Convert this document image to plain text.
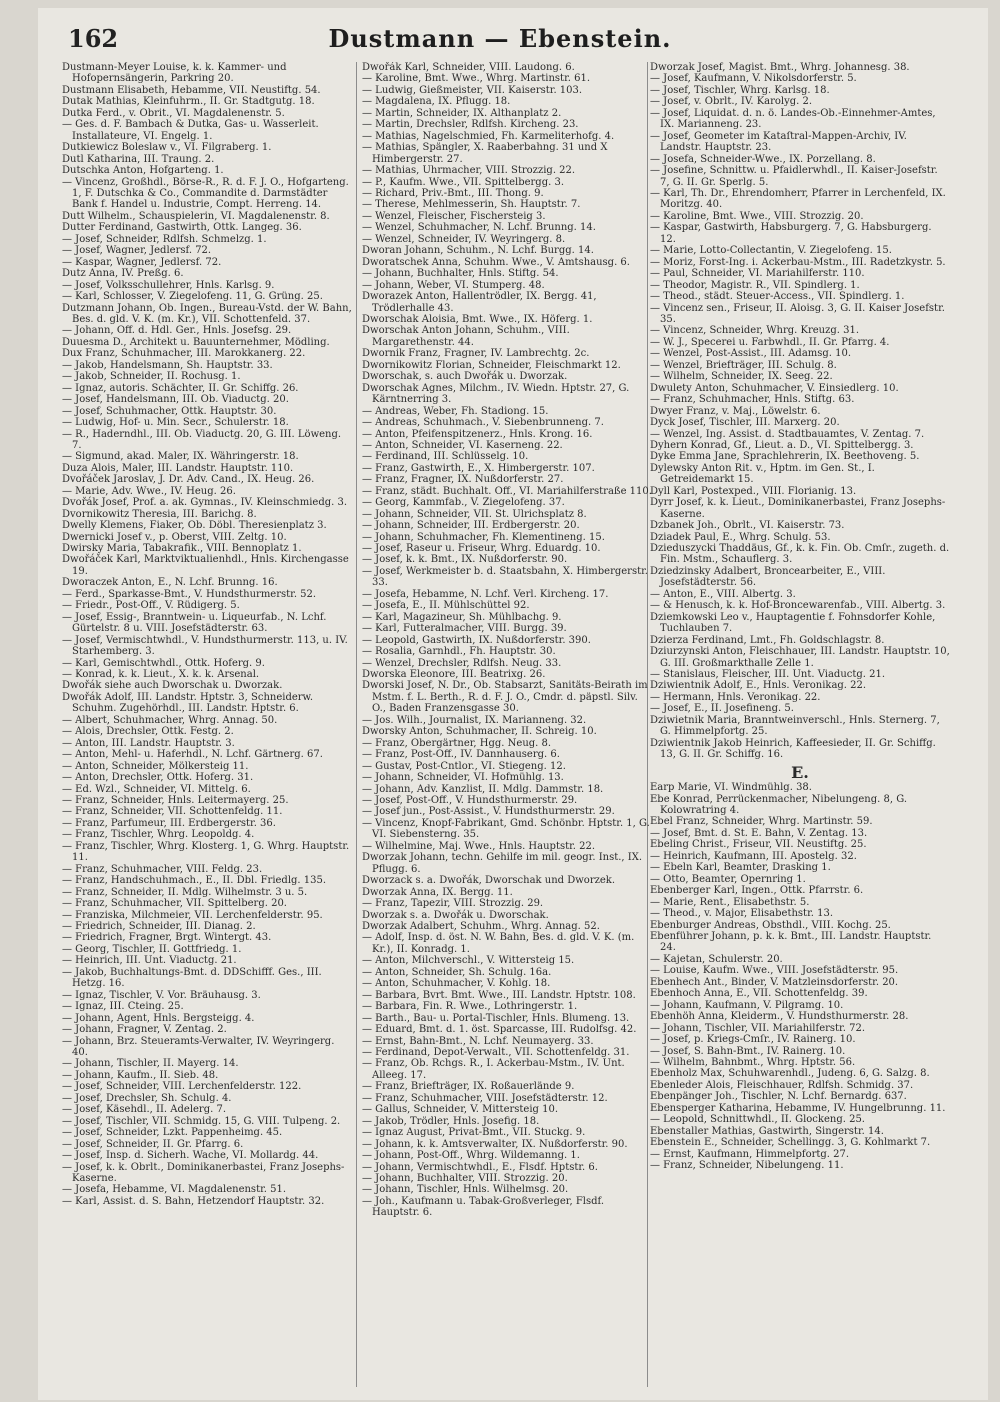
162	Dustmann — Ebenstein.
Dustmann-Meyer Louise, k. k. Kammer- und Hofopernsängerin, Parkring 20.
Dustmann Elisabeth, Hebamme, VII. Neustiftg. 54.
Dutak Mathias, Kleinfuhrm., II. Gr. Stadtgutg. 18.
Dutka Ferd., v. Obrit., VI. Magdalenenstr. 5.
— Ges. d. F. Bambach & Dutka, Gas- u. Wasserleit. Installateure, VI. Engelg. 1.
Dutkiewicz Boleslaw v., VI. Filgraberg. 1.
Dutl Katharina, III. Traung. 2.
Dutschka Anton, Hofgarteng. 1.
— Vincenz, Großhdl., Börse-R., R. d. F. J. O., Hofgarteng. 1, F. Dutschka & Co., Commandite d. Darmstädter Bank f. Handel u. Industrie, Compt. Herreng. 14.
Dutt Wilhelm., Schauspielerin, VI. Magdalenenstr. 8.
Dutter Ferdinand, Gastwirth, Ottk. Langeg. 36.
— Josef, Schneider, Rdlfsh. Schmelzg. 1.
— Josef, Wagner, Jedlersf. 72.
— Kaspar, Wagner, Jedlersf. 72.
Dutz Anna, IV. Preßg. 6.
— Josef, Volksschullehrer, Hnls. Karlsg. 9.
— Karl, Schlosser, V. Ziegelofeng. 11, G. Grüng. 25.
Dutzmann Johann, Ob. Ingen., Bureau-Vstd. der W. Bahn, Bes. d. gld. V. K. (m. Kr.), VII. Schottenfeld. 37.
— Johann, Off. d. Hdl. Ger., Hnls. Josefsg. 29.
Duuesma D., Architekt u. Bauunternehmer, Mödling.
Dux Franz, Schuhmacher, III. Marokkanerg. 22.
— Jakob, Handelsmann, Sh. Hauptstr. 33.
— Jakob, Schneider, II. Rochusg. 1.
— Ignaz, autoris. Schächter, II. Gr. Schiffg. 26.
— Josef, Handelsmann, III. Ob. Viaductg. 20.
— Josef, Schuhmacher, Ottk. Hauptstr. 30.
— Ludwig, Hof- u. Min. Secr., Schulerstr. 18.
— R., Haderndhl., III. Ob. Viaductg. 20, G. III. Löweng. 7.
— Sigmund, akad. Maler, IX. Währingerstr. 18.
Duza Alois, Maler, III. Landstr. Hauptstr. 110.
Dvořáček Jaroslav, J. Dr. Adv. Cand., IX. Heug. 26.
— Marie, Adv. Wwe., IV. Heug. 26.
Dvořák Josef, Prof. a. ak. Gymnas., IV. Kleinschmiedg. 3.
Dvornikowitz Theresia, III. Barichg. 8.
Dwelly Klemens, Fiaker, Ob. Döbl. Theresienplatz 3.
Dwernicki Josef v., p. Oberst, VIII. Zeltg. 10.
Dwirsky Maria, Tabakrafik., VIII. Bennoplatz 1.
Dwořáček Karl, Marktviktualienhdl., Hnls. Kirchengasse 19.
Dworaczek Anton, E., N. Lchf. Brunng. 16.
— Ferd., Sparkasse-Bmt., V. Hundsthurmerstr. 52.
— Friedr., Post-Off., V. Rüdigerg. 5.
— Josef, Essig-, Branntwein- u. Liqueurfab., N. Lchf. Gürtelstr. 8 u. VIII. Josefstädterstr. 63.
— Josef, Vermischtwhdl., V. Hundsthurmerstr. 113, u. IV. Starhemberg. 3.
— Karl, Gemischtwhdl., Ottk. Hoferg. 9.
— Konrad, k. k. Lieut., X. k. k. Arsenal.
Dwořák siehe auch Dworschak u. Dworzak.
Dwořák Adolf, III. Landstr. Hptstr. 3, Schneiderw. Schuhm. Zugehörhdl., III. Landstr. Hptstr. 6.
— Albert, Schuhmacher, Whrg. Annag. 50.
— Alois, Drechsler, Ottk. Festg. 2.
— Anton, III. Landstr. Hauptstr. 3.
— Anton, Mehl- u. Haferhdl., N. Lchf. Gärtnerg. 67.
— Anton, Schneider, Mölkersteig 11.
— Anton, Drechsler, Ottk. Hoferg. 31.
— Ed. Wzl., Schneider, VI. Mittelg. 6.
— Franz, Schneider, Hnls. Leitermayerg. 25.
— Franz, Schneider, VII. Schottenfeldg. 11.
— Franz, Parfumeur, III. Erdbergerstr. 36.
— Franz, Tischler, Whrg. Leopoldg. 4.
— Franz, Tischler, Whrg. Klosterg. 1, G. Whrg. Hauptstr. 11.
— Franz, Schuhmacher, VIII. Feldg. 23.
— Franz, Handschuhmach., E., II. Dbl. Friedlg. 135.
— Franz, Schneider, II. Mdlg. Wilhelmstr. 3 u. 5.
— Franz, Schuhmacher, VII. Spittelberg. 20.
— Franziska, Milchmeier, VII. Lerchenfelderstr. 95.
— Friedrich, Schneider, III. Dianag. 2.
— Friedrich, Fragner, Brgt. Wintergt. 43.
— Georg, Tischler, II. Gottfriedg. 1.
— Heinrich, III. Unt. Viaductg. 21.
— Jakob, Buchhaltungs-Bmt. d. DDSchifff. Ges., III. Hetzg. 16.
— Ignaz, Tischler, V. Vor. Bräuhausg. 3.
— Ignaz, III. Cteing. 25.
— Johann, Agent, Hnls. Bergsteigg. 4.
— Johann, Fragner, V. Zentag. 2.
— Johann, Brz. Steueramts-Verwalter, IV. Weyringerg. 40.
— Johann, Tischler, II. Mayerg. 14.
— Johann, Kaufm., II. Sieb. 48.
— Josef, Schneider, VIII. Lerchenfelderstr. 122.
— Josef, Drechsler, Sh. Schulg. 4.
— Josef, Käsehdl., II. Adelerg. 7.
— Josef, Tischler, VII. Schmidg. 15, G. VIII. Tulpeng. 2.
— Josef, Schneider, Lzkt. Pappenheimg. 45.
— Josef, Schneider, II. Gr. Pfarrg. 6.
— Josef, Insp. d. Sicherh. Wache, VI. Mollardg. 44.
— Josef, k. k. Obrlt., Dominikanerbastei, Franz Josephs-Kaserne.
— Josefa, Hebamme, VI. Magdalenenstr. 51.
— Karl, Assist. d. S. Bahn, Hetzendorf Hauptstr. 32.
Dwořák Karl, Schneider, VIII. Laudong. 6.
— Karoline, Bmt. Wwe., Whrg. Martinstr. 61.
— Ludwig, Gießmeister, VII. Kaiserstr. 103.
— Magdalena, IX. Pflugg. 18.
— Martin, Schneider, IX. Althanplatz 2.
— Martin, Drechsler, Rdlfsh. Kircheng. 23.
— Mathias, Nagelschmied, Fh. Karmeliterhofg. 4.
— Mathias, Spängler, X. Raaberbahng. 31 und X Himbergerstr. 27.
— Mathias, Uhrmacher, VIII. Strozzig. 22.
— P., Kaufm. Wwe., VII. Spittelbergg. 3.
— Richard, Priv.-Bmt., III. Thong. 9.
— Therese, Mehlmesserin, Sh. Hauptstr. 7.
— Wenzel, Fleischer, Fischersteig 3.
— Wenzel, Schuhmacher, N. Lchf. Brunng. 14.
— Wenzel, Schneider, IV. Weyringerg. 8.
Dworan Johann, Schuhm., N. Lchf. Burgg. 14.
Dworatschek Anna, Schuhm. Wwe., V. Amtshausg. 6.
— Johann, Buchhalter, Hnls. Stiftg. 54.
— Johann, Weber, VI. Stumperg. 48.
Dworazek Anton, Hallentrödler, IX. Bergg. 41, Trödlerhalle 43.
Dworschak Aloisia, Bmt. Wwe., IX. Höferg. 1.
Dworschak Anton Johann, Schuhm., VIII. Margarethenstr. 44.
Dwornik Franz, Fragner, IV. Lambrechtg. 2c.
Dwornikowitz Florian, Schneider, Fleischmarkt 12.
Dworschak, s. auch Dwořák u. Dworzak.
Dworschak Agnes, Milchm., IV. Wiedn. Hptstr. 27, G. Kärntnerring 3.
— Andreas, Weber, Fh. Stadiong. 15.
— Andreas, Schuhmach., V. Siebenbrunneng. 7.
— Anton, Pfeifenspitzenerz., Hnls. Krong. 16.
— Anton, Schneider, VI. Kaserneng. 22.
— Ferdinand, III. Schlüsselg. 10.
— Franz, Gastwirth, E., X. Himbergerstr. 107.
— Franz, Fragner, IX. Nußdorferstr. 27.
— Franz, städt. Buchhalt. Off., VI. Mariahilferstraße 110.
— Georg, Kammfab., V. Ziegelofeng. 37.
— Johann, Schneider, VII. St. Ulrichsplatz 8.
— Johann, Schneider, III. Erdbergerstr. 20.
— Johann, Schuhmacher, Fh. Klementineng. 15.
— Josef, Raseur u. Friseur, Whrg. Eduardg. 10.
— Josef, k. k. Bmt., IX. Nußdorferstr. 90.
— Josef, Werkmeister b. d. Staatsbahn, X. Himbergerstr. 33.
— Josefa, Hebamme, N. Lchf. Verl. Kircheng. 17.
— Josefa, E., II. Mühlschüttel 92.
— Karl, Magazineur, Sh. Mühlbachg. 9.
— Karl, Futteralmacher, VIII. Burgg. 39.
— Leopold, Gastwirth, IX. Nußdorferstr. 390.
— Rosalia, Garnhdl., Fh. Hauptstr. 30.
— Wenzel, Drechsler, Rdlfsh. Neug. 33.
Dworska Eleonore, III. Beatrixg. 26.
Dworski Josef, N. Dr., Ob. Stabsarzt, Sanitäts-Beirath im Mstm. f. L. Berth., R. d. F. J. O., Cmdr. d. päpstl. Silv. O., Baden Franzensgasse 30.
— Jos. Wilh., Journalist, IX. Marianneng. 32.
Dworsky Anton, Schuhmacher, II. Schreig. 10.
— Franz, Obergärtner, Hgg. Neug. 8.
— Franz, Post-Off., IV. Dannhauserg. 6.
— Gustav, Post-Cntlor., VI. Stiegeng. 12.
— Johann, Schneider, VI. Hofmühlg. 13.
— Johann, Adv. Kanzlist, II. Mdlg. Dammstr. 18.
— Josef, Post-Off., V. Hundsthurmerstr. 29.
— Josef jun., Post-Assist., V. Hundsthurmerstr. 29.
— Vincenz, Knopf-Fabrikant, Gmd. Schönbr. Hptstr. 1, G. VI. Siebensterng. 35.
— Wilhelmine, Maj. Wwe., Hnls. Hauptstr. 22.
Dworzak Johann, techn. Gehilfe im mil. geogr. Inst., IX. Pflugg. 6.
Dworzack s. a. Dwořák, Dworschak und Dworzek.
Dworzak Anna, IX. Bergg. 11.
— Franz, Tapezir, VIII. Strozzig. 29.
Dworzak s. a. Dwořák u. Dworschak.
Dworzak Adalbert, Schuhm., Whrg. Annag. 52.
— Adolf, Insp. d. öst. N. W. Bahn, Bes. d. gld. V. K. (m. Kr.), II. Konradg. 1.
— Anton, Milchverschl., V. Wittersteig 15.
— Anton, Schneider, Sh. Schulg. 16a.
— Anton, Schuhmacher, V. Kohlg. 18.
— Barbara, Bvrt. Bmt. Wwe., III. Landstr. Hptstr. 108.
— Barbara, Fin. R. Wwe., Lothringerstr. 1.
— Barth., Bau- u. Portal-Tischler, Hnls. Blumeng. 13.
— Eduard, Bmt. d. 1. öst. Sparcasse, III. Rudolfsg. 42.
— Ernst, Bahn-Bmt., N. Lchf. Neumayerg. 33.
— Ferdinand, Depot-Verwalt., VII. Schottenfeldg. 31.
— Franz, Ob. Rchgs. R., I. Ackerbau-Mstm., IV. Unt. Alleeg. 17.
— Franz, Briefträger, IX. Roßauerlände 9.
— Franz, Schuhmacher, VIII. Josefstädterstr. 12.
— Gallus, Schneider, V. Mittersteig 10.
— Jakob, Trödler, Hnls. Josefig. 18.
— Ignaz August, Privat-Bmt., VII. Stuckg. 9.
— Johann, k. k. Amtsverwalter, IX. Nußdorferstr. 90.
— Johann, Post-Off., Whrg. Wildemanng. 1.
— Johann, Vermischtwhdl., E., Flsdf. Hptstr. 6.
— Johann, Buchhalter, VIII. Strozzig. 20.
— Johann, Tischler, Hnls. Wilhelmsg. 20.
— Joh., Kaufmann u. Tabak-Großverleger, Flsdf. Hauptstr. 6.
Dworzak Josef, Magist. Bmt., Whrg. Johannesg. 38.
— Josef, Kaufmann, V. Nikolsdorferstr. 5.
— Josef, Tischler, Whrg. Karlsg. 18.
— Josef, v. Obrlt., IV. Karolyg. 2.
— Josef, Liquidat. d. n. ö. Landes-Ob.-Einnehmer-Amtes, IX. Marianneng. 23.
— Josef, Geometer im Kataſtral-Mappen-Archiv, IV. Landstr. Hauptstr. 23.
— Josefa, Schneider-Wwe., IX. Porzellang. 8.
— Josefine, Schnittw. u. Pfaidlerwhdl., II. Kaiser-Josefstr. 7, G. II. Gr. Sperlg. 5.
— Karl, Th. Dr., Ehrendomherr, Pfarrer in Lerchenfeld, IX. Moritzg. 40.
— Karoline, Bmt. Wwe., VIII. Strozzig. 20.
— Kaspar, Gastwirth, Habsburgerg. 7, G. Habsburgerg. 12.
— Marie, Lotto-Collectantin, V. Ziegelofeng. 15.
— Moriz, Forst-Ing. i. Ackerbau-Mstm., III. Radetzkystr. 5.
— Paul, Schneider, VI. Mariahilferstr. 110.
— Theodor, Magistr. R., VII. Spindlerg. 1.
— Theod., städt. Steuer-Access., VII. Spindlerg. 1.
— Vincenz sen., Friseur, II. Aloisg. 3, G. II. Kaiser Josefstr. 35.
— Vincenz, Schneider, Whrg. Kreuzg. 31.
— W. J., Specerei u. Farbwhdl., II. Gr. Pfarrg. 4.
— Wenzel, Post-Assist., III. Adamsg. 10.
— Wenzel, Briefträger, III. Schulg. 8.
— Wilhelm, Schneider, IX. Seeg. 22.
Dwulety Anton, Schuhmacher, V. Einsiedlerg. 10.
— Franz, Schuhmacher, Hnls. Stiftg. 63.
Dwyer Franz, v. Maj., Löwelstr. 6.
Dyck Josef, Tischler, III. Marxerg. 20.
— Wenzel, Ing. Assist. d. Stadtbauamtes, V. Zentag. 7.
Dyhern Konrad, Gf., Lieut. a. D., VI. Spittelbergg. 3.
Dyke Emma Jane, Sprachlehrerin, IX. Beethoveng. 5.
Dylewsky Anton Rit. v., Hptm. im Gen. St., I. Getreidemarkt 15.
Dyll Karl, Postexped., VIII. Florianig. 13.
Dyrr Josef, k. k. Lieut., Dominikanerbastei, Franz Josephs-Kaserne.
Dzbanek Joh., Obrlt., VI. Kaiserstr. 73.
Dziadek Paul, E., Whrg. Schulg. 53.
Dzieduszycki Thaddäus, Gf., k. k. Fin. Ob. Cmſr., zugeth. d. Fin. Mstm., Schauflerg. 3.
Dziedzinsky Adalbert, Broncearbeiter, E., VIII. Josefstädterstr. 56.
— Anton, E., VIII. Albertg. 3.
— & Henusch, k. k. Hof-Broncewarenfab., VIII. Albertg. 3.
Dziemkowski Leo v., Hauptagentie f. Fohnsdorfer Kohle, Tuchlauben 7.
Dzierza Ferdinand, Lmt., Fh. Goldschlagstr. 8.
Dziurzynski Anton, Fleischhauer, III. Landstr. Hauptstr. 10, G. III. Großmarkthalle Zelle 1.
— Stanislaus, Fleischer, III. Unt. Viaductg. 21.
Dziwientnik Adolf, E., Hnls. Veronikag. 22.
— Hermann, Hnls. Veronikag. 22.
— Josef, E., II. Josefineng. 5.
Dziwietnik Maria, Branntweinverschl., Hnls. Sternerg. 7, G. Himmelpfortg. 25.
Dziwientnik Jakob Heinrich, Kaffeesieder, II. Gr. Schiffg. 13, G. II. Gr. Schiffg. 16.
E.
Earp Marie, VI. Windmühlg. 38.
Ebe Konrad, Perrückenmacher, Nibelungeng. 8, G. Kolowratring 4.
Ebel Franz, Schneider, Whrg. Martinstr. 59.
— Josef, Bmt. d. St. E. Bahn, V. Zentag. 13.
Ebeling Christ., Friseur, VII. Neustiftg. 25.
— Heinrich, Kaufmann, III. Apostelg. 32.
— Ebeln Karl, Beamter, Drasking 1.
— Otto, Beamter, Opernring 1.
Ebenberger Karl, Ingen., Ottk. Pfarrstr. 6.
— Marie, Rent., Elisabethstr. 5.
— Theod., v. Major, Elisabethstr. 13.
Ebenburger Andreas, Obsthdl., VIII. Kochg. 25.
Ebenführer Johann, p. k. k. Bmt., III. Landstr. Hauptstr. 24.
— Kajetan, Schulerstr. 20.
— Louise, Kaufm. Wwe., VIII. Josefstädterstr. 95.
Ebenhech Ant., Binder, V. Matzleinsdorferstr. 20.
Ebenhoch Anna, E., VII. Schottenfeldg. 39.
— Johann, Kaufmann, V. Pilgramg. 10.
Ebenhöh Anna, Kleiderm., V. Hundsthurmerstr. 28.
— Johann, Tischler, VII. Mariahilferstr. 72.
— Josef, p. Kriegs-Cmſr., IV. Rainerg. 10.
— Josef, S. Bahn-Bmt., IV. Rainerg. 10.
— Wilhelm, Bahnbmt., Whrg. Hptstr. 56.
Ebenholz Max, Schuhwarenhdl., Judeng. 6, G. Salzg. 8.
Ebenleder Alois, Fleischhauer, Rdlfsh. Schmidg. 37.
Ebenpänger Joh., Tischler, N. Lchf. Bernardg. 637.
Ebensperger Katharina, Hebamme, IV. Hungelbrunng. 11.
— Leopold, Schnittwhdl., II. Glockeng. 25.
Ebenstaller Mathias, Gastwirth, Singerstr. 14.
Ebenstein E., Schneider, Schellingg. 3, G. Kohlmarkt 7.
— Ernst, Kaufmann, Himmelpfortg. 27.
— Franz, Schneider, Nibelungeng. 11.
